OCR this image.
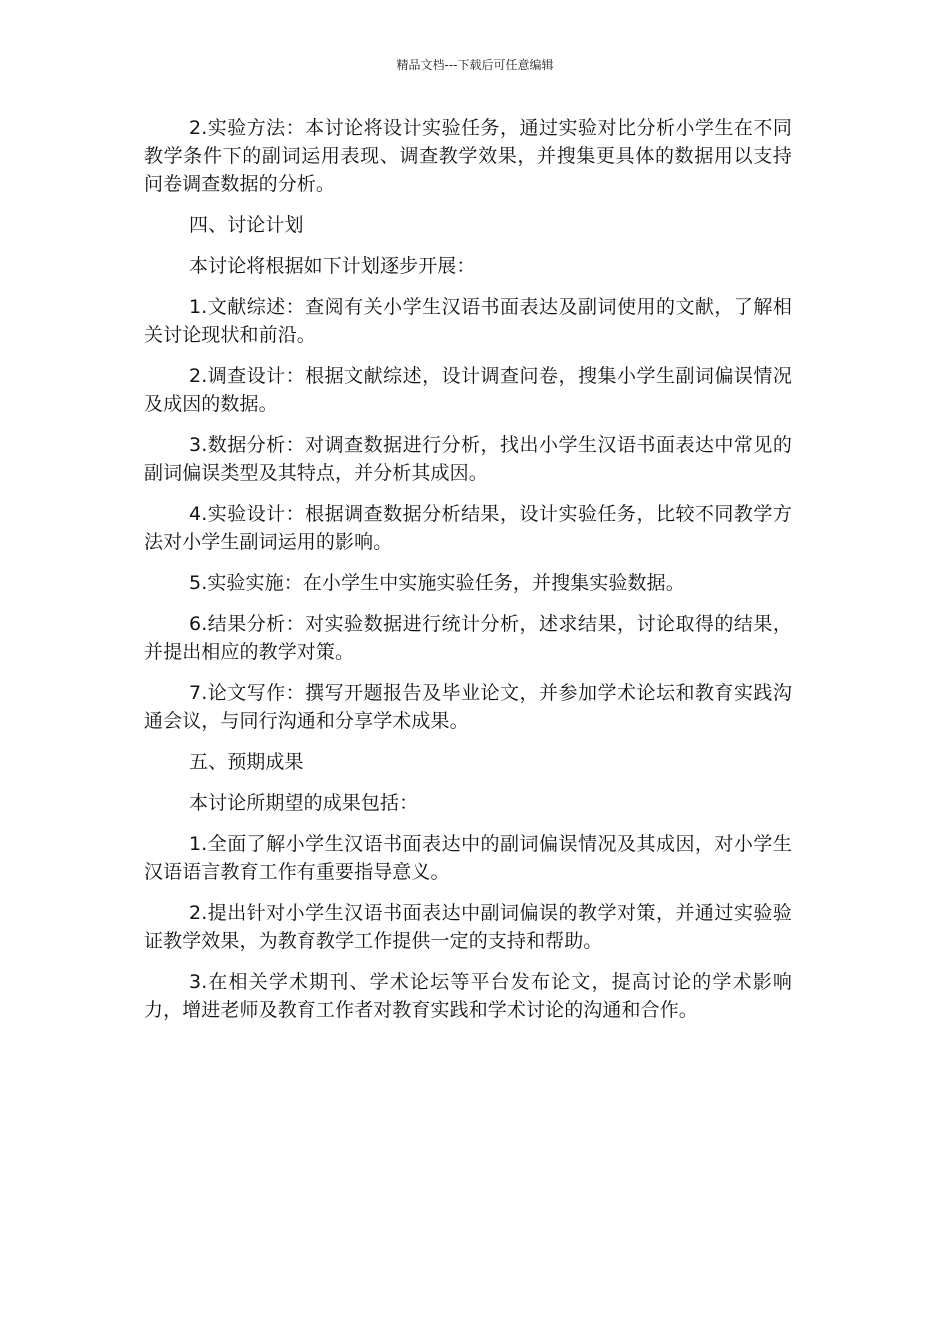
精品文档---下载后可任意编辑

2.实验方法：本讨论将设计实验任务，通过实验对比分析小学生在不同教学条件下的副词运用表现、调查教学效果，并搜集更具体的数据用以支持问卷调查数据的分析。

四、讨论计划

本讨论将根据如下计划逐步开展：

1.文献综述：查阅有关小学生汉语书面表达及副词使用的文献，了解相关讨论现状和前沿。

2.调查设计：根据文献综述，设计调查问卷，搜集小学生副词偏误情况及成因的数据。

3.数据分析：对调查数据进行分析，找出小学生汉语书面表达中常见的副词偏误类型及其特点，并分析其成因。

4.实验设计：根据调查数据分析结果，设计实验任务，比较不同教学方法对小学生副词运用的影响。

5.实验实施：在小学生中实施实验任务，并搜集实验数据。

6.结果分析：对实验数据进行统计分析，述求结果，讨论取得的结果，并提出相应的教学对策。

7.论文写作：撰写开题报告及毕业论文，并参加学术论坛和教育实践沟通会议，与同行沟通和分享学术成果。

五、预期成果

本讨论所期望的成果包括：

1.全面了解小学生汉语书面表达中的副词偏误情况及其成因，对小学生汉语语言教育工作有重要指导意义。

2.提出针对小学生汉语书面表达中副词偏误的教学对策，并通过实验验证教学效果，为教育教学工作提供一定的支持和帮助。

3.在相关学术期刊、学术论坛等平台发布论文，提高讨论的学术影响力，增进老师及教育工作者对教育实践和学术讨论的沟通和合作。
